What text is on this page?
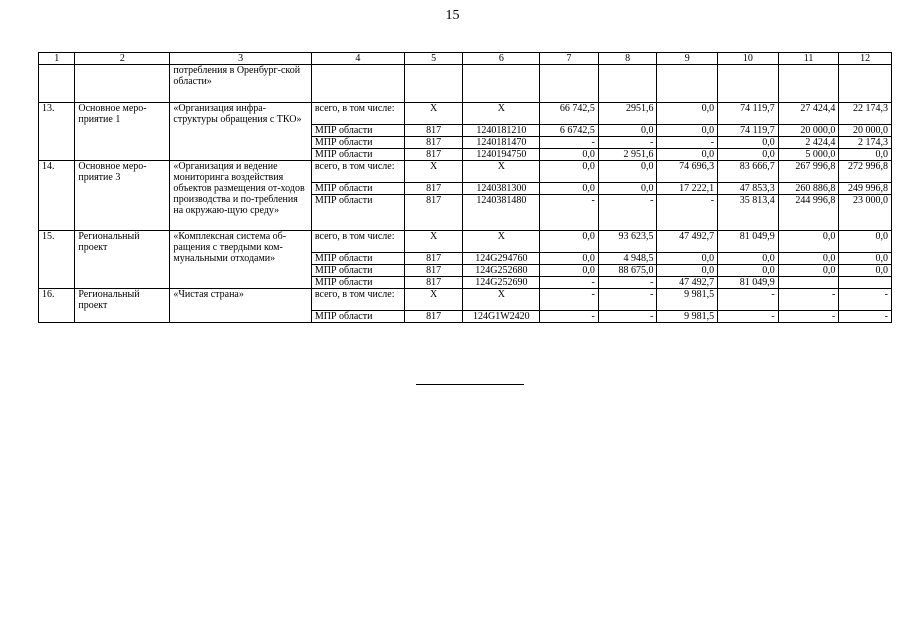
15
1	2	3	4	5	6	7	8	9	10	11	12
		потребления в Оренбург-ской области»									
13.	Основное меро-приятие 1	«Организация инфра-структуры обращения с ТКО»	всего, в том числе:	X	X	66 742,5	2951,6	0,0	74 119,7	27 424,4	22 174,3
			МПР области	817	1240181210	6 6742,5	0,0	0,0	74 119,7	20 000,0	20 000,0
			МПР области	817	1240181470	-	-	-	0,0	2 424,4	2 174,3
			МПР области	817	1240194750	0,0	2 951,6	0,0	0,0	5 000,0	0,0
14.	Основное меро-приятие 3	«Организация и ведение мониторинга воздействия объектов размещения от-ходов производства и по-требления на окружаю-щую среду»	всего, в том числе:	X	X	0,0	0,0	74 696,3	83 666,7	267 996,8	272 996,8
			МПР области	817	1240381300	0,0	0,0	17 222,1	47 853,3	260 886,8	249 996,8
			МПР области	817	1240381480	-	-	-	35 813,4	244 996,8	23 000,0
15.	Региональный проект	«Комплексная система об-ращения с твердыми ком-мунальными отходами»	всего, в том числе:	X	X	0,0	93 623,5	47 492,7	81 049,9	0,0	0,0
			МПР области	817	124G294760	0,0	4 948,5	0,0	0,0	0,0	0,0
			МПР области	817	124G252680	0,0	88 675,0	0,0	0,0	0,0	0,0
			МПР области	817	124G252690	-	-	47 492,7	81 049,9		
16.	Региональный проект	«Чистая страна»	всего, в том числе:	X	X	-	-	9 981,5	-	-	-
			МПР области	817	124G1W2420	-	-	9 981,5	-	-	-
